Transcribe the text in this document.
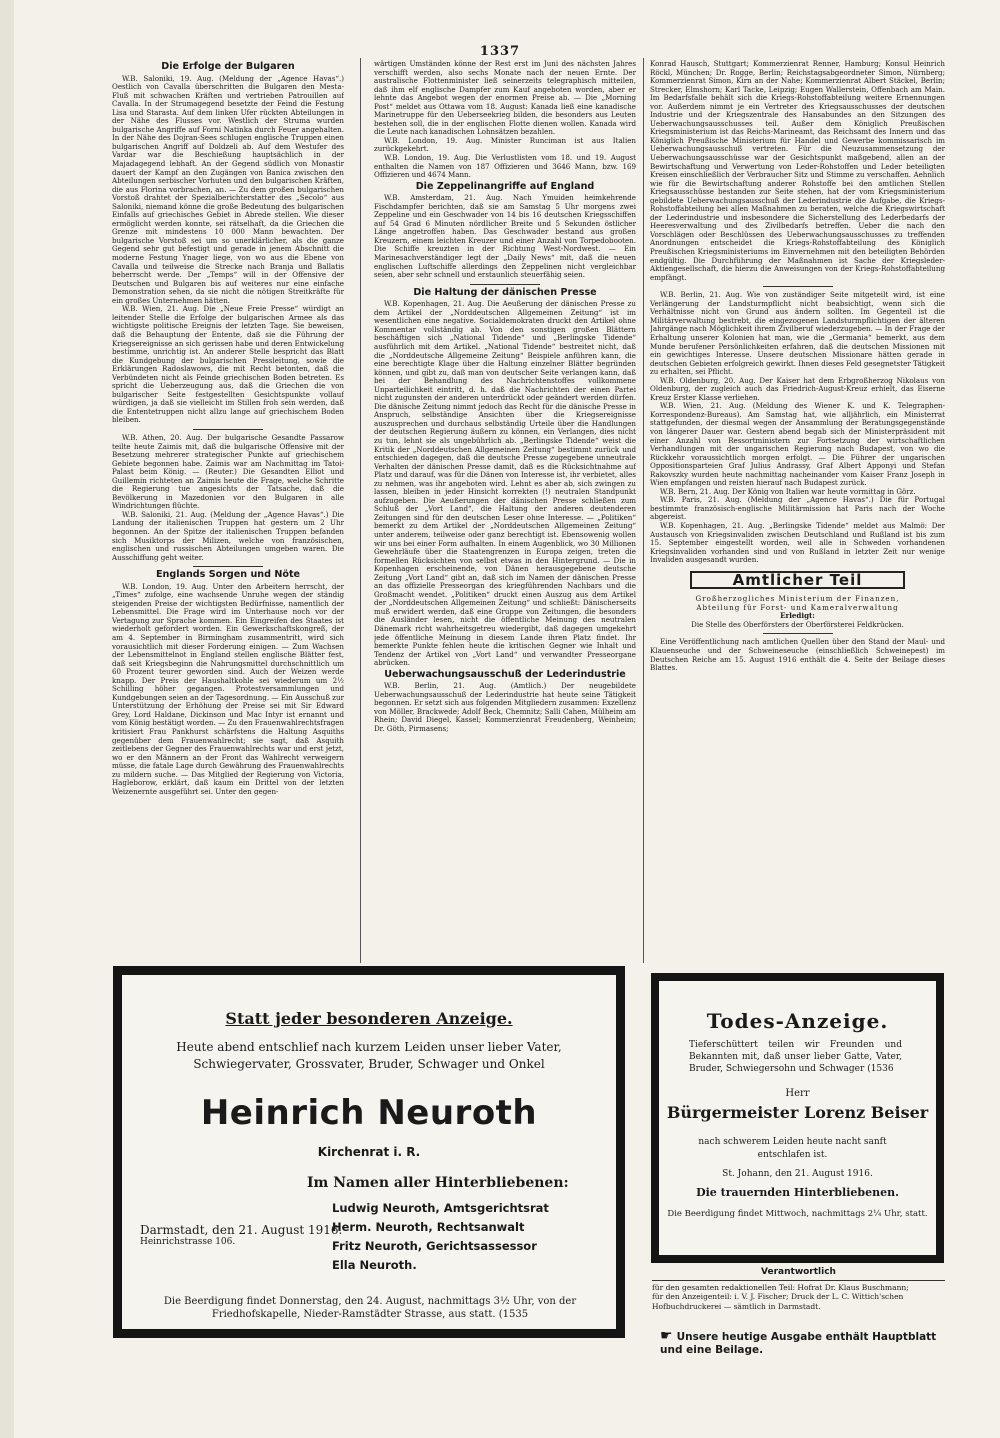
1337
Die Erfolge der Bulgaren

W.B. Saloniki, 19. Aug. (Meldung der „Agence Havas“.) Oestlich von Cavalla überschritten die Bulgaren den Mesta-Fluß mit schwachen Kräften und vertrieben Patrouillen auf Cavalla. In der Strumagegend besetzte der Feind die Festung Lisa und Starasta. Auf dem linken Ufer rückten Abteilungen in der Nähe des Flusses vor. Westlich der Struma wurden bulgarische Angriffe auf Forni Natinka durch Feuer angehalten. In der Nähe des Dojran-Sees schlugen englische Truppen einen bulgarischen Angriff auf Doldzeli ab. Auf dem Westufer des Vardar war die Beschießung hauptsächlich in der Majadagegend lebhaft. An der Gegend südlich von Monastir dauert der Kampf an den Zugängen von Banica zwischen den Abteilungen serbischer Vorhuten und den bulgarischen Kräften, die aus Florina vorbrachen, an. — Zu dem großen bulgarischen Vorstoß drahtet der Spezialberichterstatter des „Secolo“ aus Saloniki, niemand könne die große Bedeutung des bulgarischen Einfalls auf griechisches Gebiet in Abrede stellen. Wie dieser ermöglicht werden konnte, sei rätselhaft, da die Griechen die Grenze mit mindestens 10 000 Mann bewachten. Der bulgarische Vorstoß sei um so unerklärlicher, als die ganze Gegend sehr gut befestigt und gerade in jenem Abschnitt die moderne Festung Ynager liege, von wo aus die Ebene von Cavalla und teilweise die Strecke nach Branja und Ballatis beherrscht werde. Der „Temps“ will in der Offensive der Deutschen und Bulgaren bis auf weiteres nur eine einfache Demonstration sehen, da sie nicht die nötigen Streitkräfte für ein großes Unternehmen hätten.

W.B. Wien, 21. Aug. Die „Neue Freie Presse“ würdigt an leitender Stelle die Erfolge der bulgarischen Armee als das wichtigste politische Ereignis der letzten Tage. Sie beweisen, daß die Behauptung der Entente, daß sie die Führung der Kriegsereignisse an sich gerissen habe und deren Entwickelung bestimme, unrichtig ist. An anderer Stelle bespricht das Blatt die Kundgebung der bulgarischen Pressleitung, sowie die Erklärungen Radoslawows, die mit Recht betonten, daß die Verbündeten nicht als Feinde griechischen Boden betreten. Es spricht die Ueberzeugung aus, daß die Griechen die von bulgarischer Seite festgestellten Gesichtspunkte vollauf würdigen, ja daß sie vielleicht im Stillen froh sein werden, daß die Ententetruppen nicht allzu lange auf griechischem Boden bleiben.

W.B. Athen, 20. Aug. Der bulgarische Gesandte Passarow teilte heute Zaimis mit, daß die bulgarische Offensive mit der Besetzung mehrerer strategischer Punkte auf griechischem Gebiete begonnen habe. Zaimis war am Nachmittag im Tatoi-Palast beim König. — (Reuter.) Die Gesandten Elliot und Guillemin richteten an Zaimis heute die Frage, welche Schritte die Regierung tue angesichts der Tatsache, daß die Bevölkerung in Mazedonien vor den Bulgaren in alle Windrichtungen flüchte.

W.B. Saloniki, 21. Aug. (Meldung der „Agence Havas“.) Die Landung der italienischen Truppen hat gestern um 2 Uhr begonnen. An der Spitze der italienischen Truppen befanden sich Musiktorps der Milizen, welche von französischen, englischen und russischen Abteilungen umgeben waren. Die Ausschiffung geht weiter.

Englands Sorgen und Nöte

W.B. London, 19. Aug. Unter den Arbeitern herrscht, der „Times“ zufolge, eine wachsende Unruhe wegen der ständig steigenden Preise der wichtigsten Bedürfnisse, namentlich der Lebensmittel. Die Frage wird im Unterhause noch vor der Vertagung zur Sprache kommen. Ein Eingreifen des Staates ist wiederholt gefordert worden. Ein Gewerkschaftskongreß, der am 4. September in Birmingham zusammentritt, wird sich vorausichtlich mit dieser Forderung einigen. — Zum Wachsen der Lebensmittelnot in England stellen englische Blätter fest, daß seit Kriegsbeginn die Nahrungsmittel durchschnittlich um 60 Prozent teurer geworden sind. Auch der Weizen werde knapp. Der Preis der Haushaltkohle sei wiederum um 2½ Schilling höher gegangen. Protestversammlungen und Kundgebungen seien an der Tagesordnung. — Ein Ausschuß zur Unterstützung der Erhöhung der Preise sei mit Sir Edward Grey, Lord Haldane, Dickinson und Mac Intyr ist ernannt und vom König bestätigt worden. — Zu den Frauenwahlrechtsfragen kritisiert Frau Pankhurst schärfstens die Haltung Asquiths gegenüber dem Frauenwahlrecht; sie sagt, daß Asquith zeitlebens der Gegner des Frauenwahlrechts war und erst jetzt, wo er den Männern an der Front das Wahlrecht verweigern müsse, die fatale Lage durch Gewährung des Frauenwahlrechts zu mildern suche. — Das Mitglied der Regierung von Victoria, Hagleborow, erklärt, daß kaum ein Drittel von der letzten Weizenernte ausgeführt sei. Unter den gegen-

wärtigen Umständen könne der Rest erst im Juni des nächsten Jahres verschifft werden, also sechs Monate nach der neuen Ernte. Der australische Flottenminister ließ seinerzeits telegraphisch mitteilen, daß ihm elf englische Dampfer zum Kauf angeboten worden, aber er lehnte das Angebot wegen der enormen Preise ab. — Die „Morning Post“ meldet aus Ottawa vom 18. August: Kanada ließ eine kanadische Marinetruppe für den Ueberseekrieg bilden, die besonders aus Leuten bestehen soll, die in der englischen Flotte dienen wollen. Kanada wird die Leute nach kanadischen Lohnsätzen bezahlen.

W.B. London, 19. Aug. Minister Runciman ist aus Italien zurückgekehrt.

W.B. London, 19. Aug. Die Verlustlisten vom 18. und 19. August enthalten die Namen von 187 Offizieren und 3646 Mann, bzw. 169 Offizieren und 4674 Mann.

Die Zeppelinangriffe auf England

W.B. Amsterdam, 21. Aug. Nach Ymuiden heimkehrende Fischdampfer berichten, daß sie am Samstag 5 Uhr morgens zwei Zeppeline und ein Geschwader von 14 bis 16 deutschen Kriegsschiffen auf 54 Grad 6 Minuten nördlicher Breite und 5 Sekunden östlicher Länge angetroffen haben. Das Geschwader bestand aus großen Kreuzern, einem leichten Kreuzer und einer Anzahl von Torpedobooten. Die Schiffe kreuzten in der Richtung West-Nordwest. — Ein Marinesachverständiger legt der „Daily News“ mit, daß die neuen englischen Luftschiffe allerdings den Zeppelinen nicht vergleichbar seien, aber sehr schnell und erstaunlich steuerfähig seien.

Die Haltung der dänischen Presse

W.B. Kopenhagen, 21. Aug. Die Aeußerung der dänischen Presse zu dem Artikel der „Norddeutschen Allgemeinen Zeitung“ ist im wesentlichen eine negative. Socialdemokraten druckt den Artikel ohne Kommentar vollständig ab. Von den sonstigen großen Blättern beschäftigen sich „National Tidende“ und „Berlingske Tidende“ ausführlich mit dem Artikel. „National Tidende“ bestreitet nicht, daß die „Norddeutsche Allgemeine Zeitung“ Beispiele anführen kann, die eine berechtigte Klage über die Haltung einzelner Blätter begründen können, und gibt zu, daß man von deutscher Seite verlangen kann, daß bei der Behandlung des Nachrichtenstoffes vollkommene Unparteilichkeit eintritt, d. h. daß die Nachrichten der einen Partei nicht zugunsten der anderen unterdrückt oder geändert werden dürfen. Die dänische Zeitung nimmt jedoch das Recht für die dänische Presse in Anspruch, selbständige Ansichten über die Kriegsereignisse auszusprechen und durchaus selbständig Urteile über die Handlungen der deutschen Regierung äußern zu können, ein Verlangen, dies nicht zu tun, lehnt sie als ungebührlich ab. „Berlingske Tidende“ weist die Kritik der „Norddeutschen Allgemeinen Zeitung“ bestimmt zurück und entschieden dagegen, daß die deutsche Presse zugegebene unneutrale Verhalten der dänischen Presse damit, daß es die Rücksichtnahme auf Platz und darauf, was für die Dänen von Interesse ist, ihr verbietet, alles zu nehmen, was ihr angeboten wird. Lehnt es aber ab, sich zwingen zu lassen, bleiben in jeder Hinsicht korrekten (!) neutralen Standpunkt aufzugeben. Die Aeußerungen der dänischen Presse schließen zum Schluß der „Vort Land“, die Haltung der anderen deutenderen Zeitungen sind für den deutschen Leser ohne Interesse. — „Politiken“ bemerkt zu dem Artikel der „Norddeutschen Allgemeinen Zeitung“ unter anderem, teilweise oder ganz berechtigt ist. Ebensowenig wollen wir uns bei einer Form aufhalten. In einem Augenblick, wo 30 Millionen Gewehrläufe über die Staatengrenzen in Europa zeigen, treten die formellen Rücksichten von selbst etwas in den Hintergrund. — Die in Kopenhagen erscheinende, von Dänen herausgegebene deutsche Zeitung „Vort Land“ gibt an, daß sich im Namen der dänischen Presse an das offizielle Presseorgan des kriegführenden Nachbars und die Großmacht wendet. „Politiken“ druckt einen Auszug aus dem Artikel der „Norddeutschen Allgemeinen Zeitung“ und schließt: Dänischerseits muß erwidert werden, daß eine Gruppe von Zeitungen, die besonders die Ausländer lesen, nicht die öffentliche Meinung des neutralen Dänemark richt wahrheitsgetreu wiedergibt, daß dagegen umgekehrt jede öffentliche Meinung in diesem Lande ihren Platz findet. Ihr bemerkte Punkte fehlen heute die kritischen Gegner wie Inhalt und Tendenz der Artikel von „Vort Land“ und verwandter Presseorgane abrücken.

Ueberwachungsausschuß der Lederindustrie

W.B. Berlin, 21. Aug. (Amtlich.) Der neugebildete Ueberwachungsausschuß der Lederindustrie hat heute seine Tätigkeit begonnen. Er setzt sich aus folgenden Mitgliedern zusammen: Exzellenz von Möller, Brackwede; Adolf Beck, Chemnitz; Salli Cahen, Mülheim am Rhein; David Diegel, Kassel; Kommerzienrat Freudenberg, Weinheim; Dr. Göth, Pirmasens;

Konrad Hausch, Stuttgart; Kommerzienrat Renner, Hamburg; Konsul Heinrich Röckl, München; Dr. Rogge, Berlin; Reichstagsabgeordneter Simon, Nürnberg; Kommerzienrat Simon, Kirn an der Nahe; Kommerzienrat Albert Stäckel, Berlin; Strecker, Elmshorn; Karl Tacke, Leipzig; Eugen Wallerstein, Offenbach am Main. Im Bedarfsfalle behält sich die Kriegs-Rohstoffabteilung weitere Ernennungen vor. Außerdem nimmt je ein Vertreter des Kriegsausschusses der deutschen Industrie und der Kriegszentrale des Hansabundes an den Sitzungen des Ueberwachungsausschusses teil. Außer dem Königlich Preußischen Kriegsministerium ist das Reichs-Marineamt, das Reichsamt des Innern und das Königlich Preußische Ministerium für Handel und Gewerbe kommissarisch im Ueberwachungsausschuß vertreten. Für die Neuzusammensetzung der Ueberwachungsausschüsse war der Gesichtspunkt maßgebend, allen an der Bewirtschaftung und Verwertung von Leder-Rohstoffen und Leder beteiligten Kreisen einschließlich der Verbraucher Sitz und Stimme zu verschaffen. Aehnlich wie für die Bewirtschaftung anderer Rohstoffe bei den amtlichen Stellen Kriegsausschüsse bestanden zur Seite stehen, hat der vom Kriegsministerium gebildete Ueberwachungsausschuß der Lederindustrie die Aufgabe, die Kriegs-Rohstoffabteilung bei allen Maßnahmen zu beraten, welche die Kriegswirtschaft der Lederindustrie und insbesondere die Sicherstellung des Lederbedarfs der Heeresverwaltung und des Zivilbedarfs betreffen. Ueber die nach den Vorschlägen oder Beschlüssen des Ueberwachungsausschusses zu treffenden Anordnungen entscheidet die Kriegs-Rohstoffabteilung des Königlich Preußischen Kriegsministeriums im Einvernehmen mit den beteiligten Behörden endgültig. Die Durchführung der Maßnahmen ist Sache der Kriegsleder-Aktiengesellschaft, die hierzu die Anweisungen von der Kriegs-Rohstoffabteilung empfängt.

W.B. Berlin, 21. Aug. Wie von zuständiger Seite mitgeteilt wird, ist eine Verlängerung der Landsturmpflicht nicht beabsichtigt, wenn sich die Verhältnisse nicht von Grund aus ändern sollten. Im Gegenteil ist die Militärverwaltung bestrebt, die eingezogenen Landsturmpflichtigen der älteren Jahrgänge nach Möglichkeit ihrem Zivilberuf wiederzugeben. — In der Frage der Erhaltung unserer Kolonien hat man, wie die „Germania“ bemerkt, aus dem Munde berufener Persönlichkeiten erfahren, daß die deutschen Missionen mit ein gewichtiges Interesse. Unsere deutschen Missionare hätten gerade in deutschen Gebieten erfolgreich gewirkt. Ihnen dieses Feld gesegnetster Tätigkeit zu erhalten, sei Pflicht.

W.B. Oldenburg, 20. Aug. Der Kaiser hat dem Erbgroßherzog Nikolaus von Oldenburg, der zugleich auch das Friedrich-August-Kreuz erhielt, das Eiserne Kreuz Erster Klasse verliehen.

W.B. Wien, 21. Aug. (Meldung des Wiener K. und K. Telegraphen-Korrespondenz-Bureaus). Am Samstag hat, wie alljährlich, ein Ministerrat stattgefunden, der diesmal wegen der Ansammlung der Beratungsgegenstände von längerer Dauer war. Gestern abend begab sich der Ministerpräsident mit einer Anzahl von Ressortministern zur Fortsetzung der wirtschaftlichen Verhandlungen mit der ungarischen Regierung nach Budapest, von wo die Rückkehr voraussichtlich morgen erfolgt. — Die Führer der ungarischen Oppositionsparteien Graf Julius Andrassy, Graf Albert Apponyi und Stefan Rakovszky wurden heute nachmittag nacheinander vom Kaiser Franz Joseph in Wien empfangen und reisten hierauf nach Budapest zurück.

W.B. Bern, 21. Aug. Der König von Italien war heute vormittag in Görz.

W.B. Paris, 21. Aug. (Meldung der „Agence Havas“.) Die für Portugal bestimmte französisch-englische Militärmission hat Paris nach der Woche abgereist.

W.B. Kopenhagen, 21. Aug. „Berlingske Tidende“ meldet aus Malmö: Der Austausch von Kriegsinvaliden zwischen Deutschland und Rußland ist bis zum 15. September eingestellt worden, weil alle in Schweden vorhandenen Kriegsinvaliden vorhanden sind und von Rußland in letzter Zeit nur wenige Invaliden ausgesandt wurden.

Amtlicher Teil

Großherzogliches Ministerium der Finanzen,

Abteilung für Forst- und Kameralverwaltung

Erledigt:

Die Stelle des Oberförsters der Oberförsterei Feldkrücken.

Eine Veröffentlichung nach amtlichen Quellen über den Stand der Maul- und Klauenseuche und der Schweineseuche (einschließlich Schweinepest) im Deutschen Reiche am 15. August 1916 enthält die 4. Seite der Beilage dieses Blattes.

Statt jeder besonderen Anzeige.
Heute abend entschlief nach kurzem Leiden unser lieber Vater, Schwiegervater, Grossvater, Bruder, Schwager und Onkel
Heinrich Neuroth
Kirchenrat i. R.
Im Namen aller Hinterbliebenen:
Ludwig Neuroth, Amtsgerichtsrat
Herm. Neuroth, Rechtsanwalt
Fritz Neuroth, Gerichtsassessor
Ella Neuroth.
Darmstadt, den 21. August 1916.
Heinrichstrasse 106.
Die Beerdigung findet Donnerstag, den 24. August, nachmittags 3½ Uhr, von der Friedhofskapelle, Nieder-Ramstädter Strasse, aus statt. (1535
Todes-Anzeige.
Tieferschüttert teilen wir Freunden und Bekannten mit, daß unser lieber Gatte, Vater, Bruder, Schwiegersohn und Schwager (1536
Herr
Bürgermeister Lorenz Beiser
nach schwerem Leiden heute nacht sanft entschlafen ist.
St. Johann, den 21. August 1916.
Die trauernden Hinterbliebenen.
Die Beerdigung findet Mittwoch, nachmittags 2¼ Uhr, statt.
Verantwortlich
für den gesamten redaktionellen Teil: Hofrat Dr. Klaus Buschmann;
für den Anzeigenteil: i. V. J. Fischer; Druck der L. C. Wittich'schen Hofbuchdruckerei — sämtlich in Darmstadt.
☛ Unsere heutige Ausgabe enthält Hauptblatt und eine Beilage.
